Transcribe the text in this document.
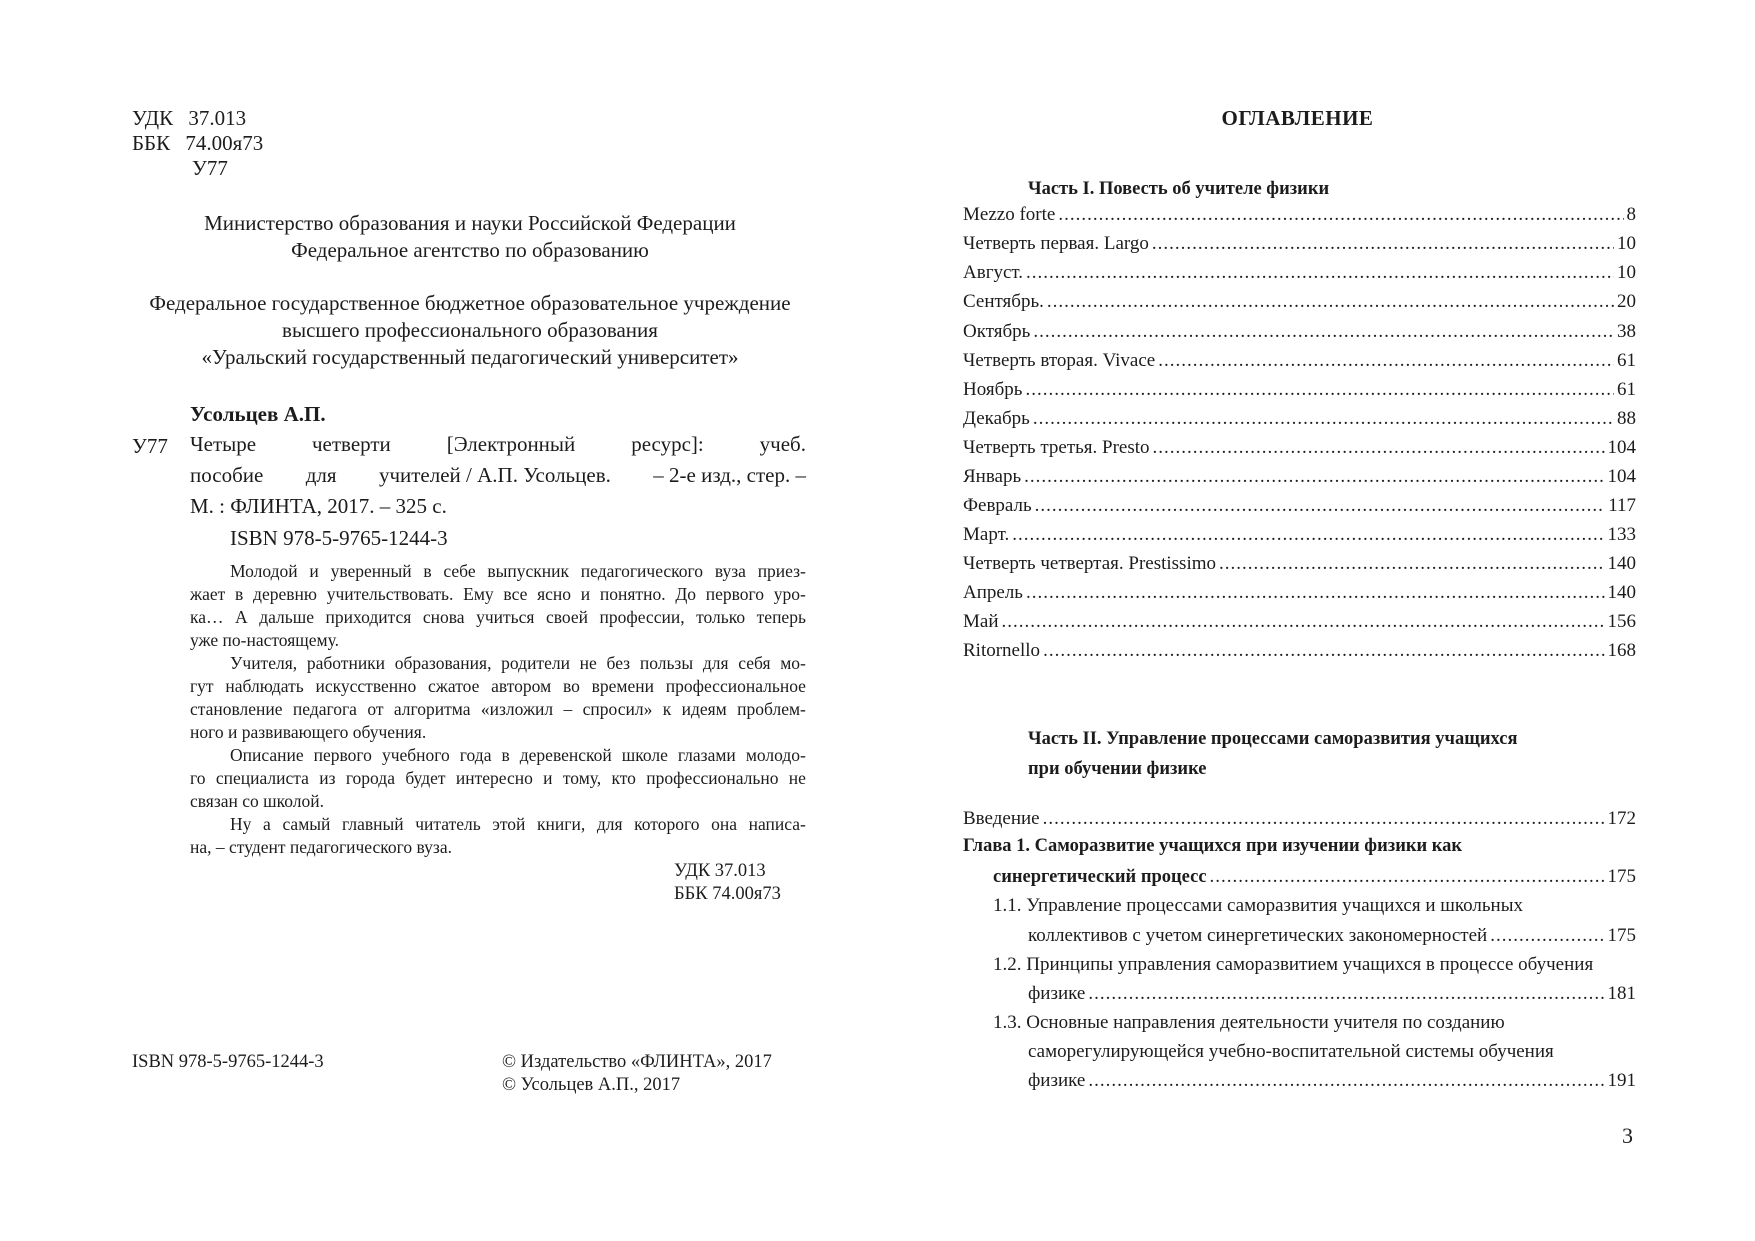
УДК 37.013
ББК 74.00я73
У77
Министерство образования и науки Российской Федерации
Федеральное агентство по образованию
Федеральное государственное бюджетное образовательное учреждение
высшего профессионального образования
«Уральский государственный педагогический университет»
Усольцев А.П.
У77 Четыре	четверти	[Электронный	ресурс]:	учеб.
пособие для учителей / А.П. Усольцев. – 2-е изд., стер. –
М. : ФЛИНТА, 2017. – 325 с.
ISBN 978-5-9765-1244-3
Молодой и уверенный в себе выпускник педагогического вуза приез-
жает в деревню учительствовать. Ему все ясно и понятно. До первого уро-
ка… А дальше приходится снова учиться своей профессии, только теперь
уже по-настоящему.
Учителя, работники образования, родители не без пользы для себя мо-
гут наблюдать искусственно сжатое автором во времени профессиональное
становление педагога от алгоритма «изложил – спросил» к идеям проблем-
ного и развивающего обучения.
Описание первого учебного года в деревенской школе глазами молодо-
го специалиста из города будет интересно и тому, кто профессионально не
связан со школой.
Ну а самый главный читатель этой книги, для которого она написа-
на, – студент педагогического вуза.
УДК 37.013
ББК 74.00я73
ISBN 978-5-9765-1244-3	© Издательство «ФЛИНТА», 2017
© Усольцев А.П., 2017
ОГЛАВЛЕНИЕ
Часть I. Повесть об учителе физики
Mezzo forte .....	8
Четверть первая. Largo .....	10
Август. .....	10
Сентябрь. .....	20
Октябрь .....	38
Четверть вторая. Vivace .....	61
Ноябрь .....	61
Декабрь .....	88
Четверть третья. Presto .....	104
Январь .....	104
Февраль .....	117
Март. .....	133
Четверть четвертая. Prestissimo .....	140
Апрель .....	140
Май .....	156
Ritornello .....	168
Часть II. Управление процессами саморазвития учащихся
при обучении физике
Введение .....	172
Глава 1. Саморазвитие учащихся при изучении физики как
синергетический процесс .....	175
1.1. Управление процессами саморазвития учащихся и школьных
коллективов с учетом синергетических закономерностей .....	175
1.2. Принципы управления саморазвитием учащихся в процессе обучения
физике .....	181
1.3. Основные направления деятельности учителя по созданию
саморегулирующейся учебно-воспитательной системы обучения
физике .....	191
3
